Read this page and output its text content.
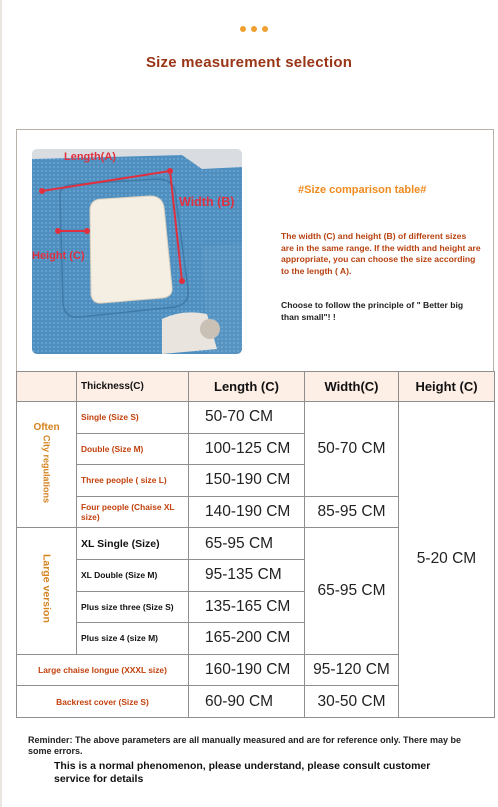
Size measurement selection
Length(A)
Width (B)
Height (C)
#Size comparison table#
The width (C) and height (B) of different sizes are in the same range. If the width and height are appropriate, you can choose the size according to the length ( A).
Choose to follow the principle of " Better big than small"! !
	Thickness(C)	Length (C)	Width(C)	Height (C)

Often
City regulations	Single (Size S)	50-70 CM	50-70 CM	5-20 CM
	Double (Size M)	100-125 CM		
	Three people ( size L)	150-190 CM		
	Four people (Chaise XL size)	140-190 CM	85-95 CM	
Large version	XL Single (Size)	65-95 CM	65-95 CM	
	XL Double (Size M)	95-135 CM		
	Plus size three (Size S)	135-165 CM		
	Plus size 4 (size M)	165-200 CM		
Large chaise longue (XXXL size)		160-190 CM	95-120 CM	
Backrest cover (Size S)		60-90 CM	30-50 CM	
Reminder: The above parameters are all manually measured and are for reference only. There may be some errors.
This is a normal phenomenon, please understand, please consult customer service for details
